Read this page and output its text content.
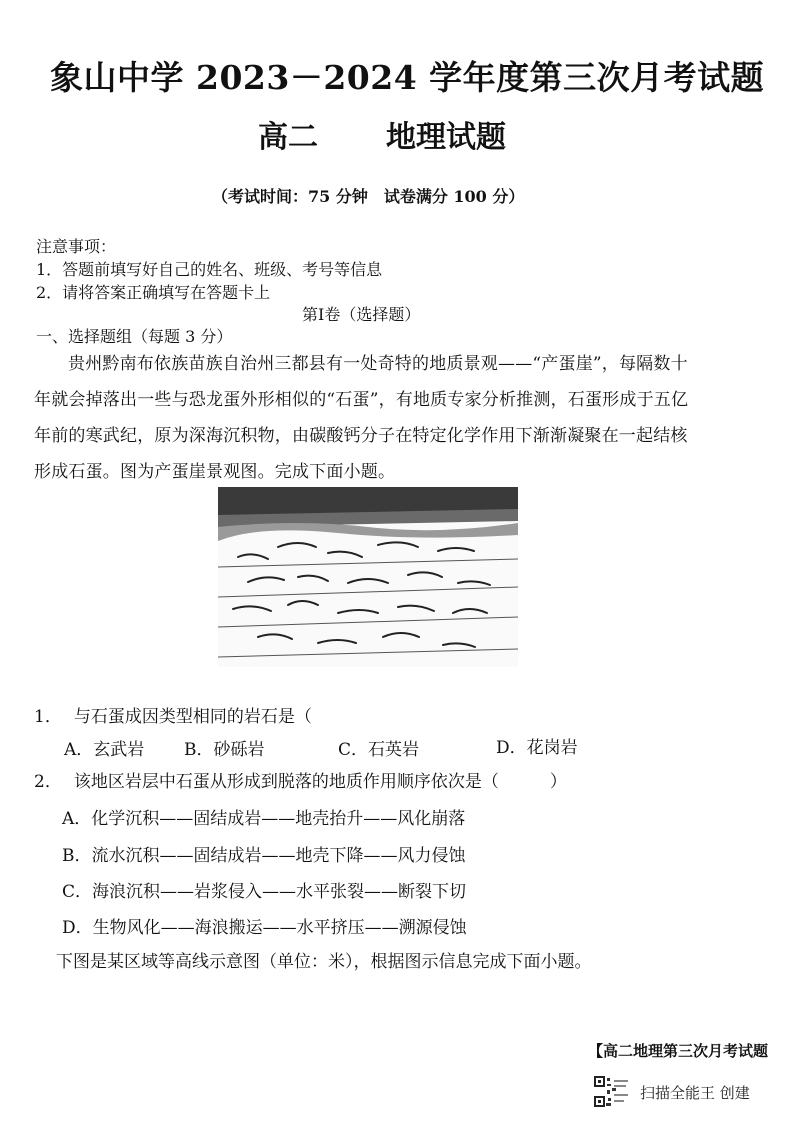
象山中学 2023－2024 学年度第三次月考试题
高二 地理试题
（考试时间：75 分钟　试卷满分 100 分）
注意事项：
1．答题前填写好自己的姓名、班级、考号等信息
2．请将答案正确填写在答题卡上
第Ⅰ卷（选择题）
一、选择题组（每题 3 分）
贵州黔南布依族苗族自治州三都县有一处奇特的地质景观——“产蛋崖”，每隔数十年就会掉落出一些与恐龙蛋外形相似的“石蛋”，有地质专家分析推测，石蛋形成于五亿年前的寒武纪，原为深海沉积物，由碳酸钙分子在特定化学作用下渐渐凝聚在一起结核形成石蛋。图为产蛋崖景观图。完成下面小题。
1． 与石蛋成因类型相同的岩石是（
A．玄武岩 B．砂砾岩	C．石英岩	D．花岗岩
2． 该地区岩层中石蛋从形成到脱落的地质作用顺序依次是（　　　）
A．化学沉积——固结成岩——地壳抬升——风化崩落
B．流水沉积——固结成岩——地壳下降——风力侵蚀
C．海浪沉积——岩浆侵入——水平张裂——断裂下切
D．生物风化——海浪搬运——水平挤压——溯源侵蚀
下图是某区域等高线示意图（单位：米），根据图示信息完成下面小题。
【高二地理第三次月考试题
扫描全能王 创建
